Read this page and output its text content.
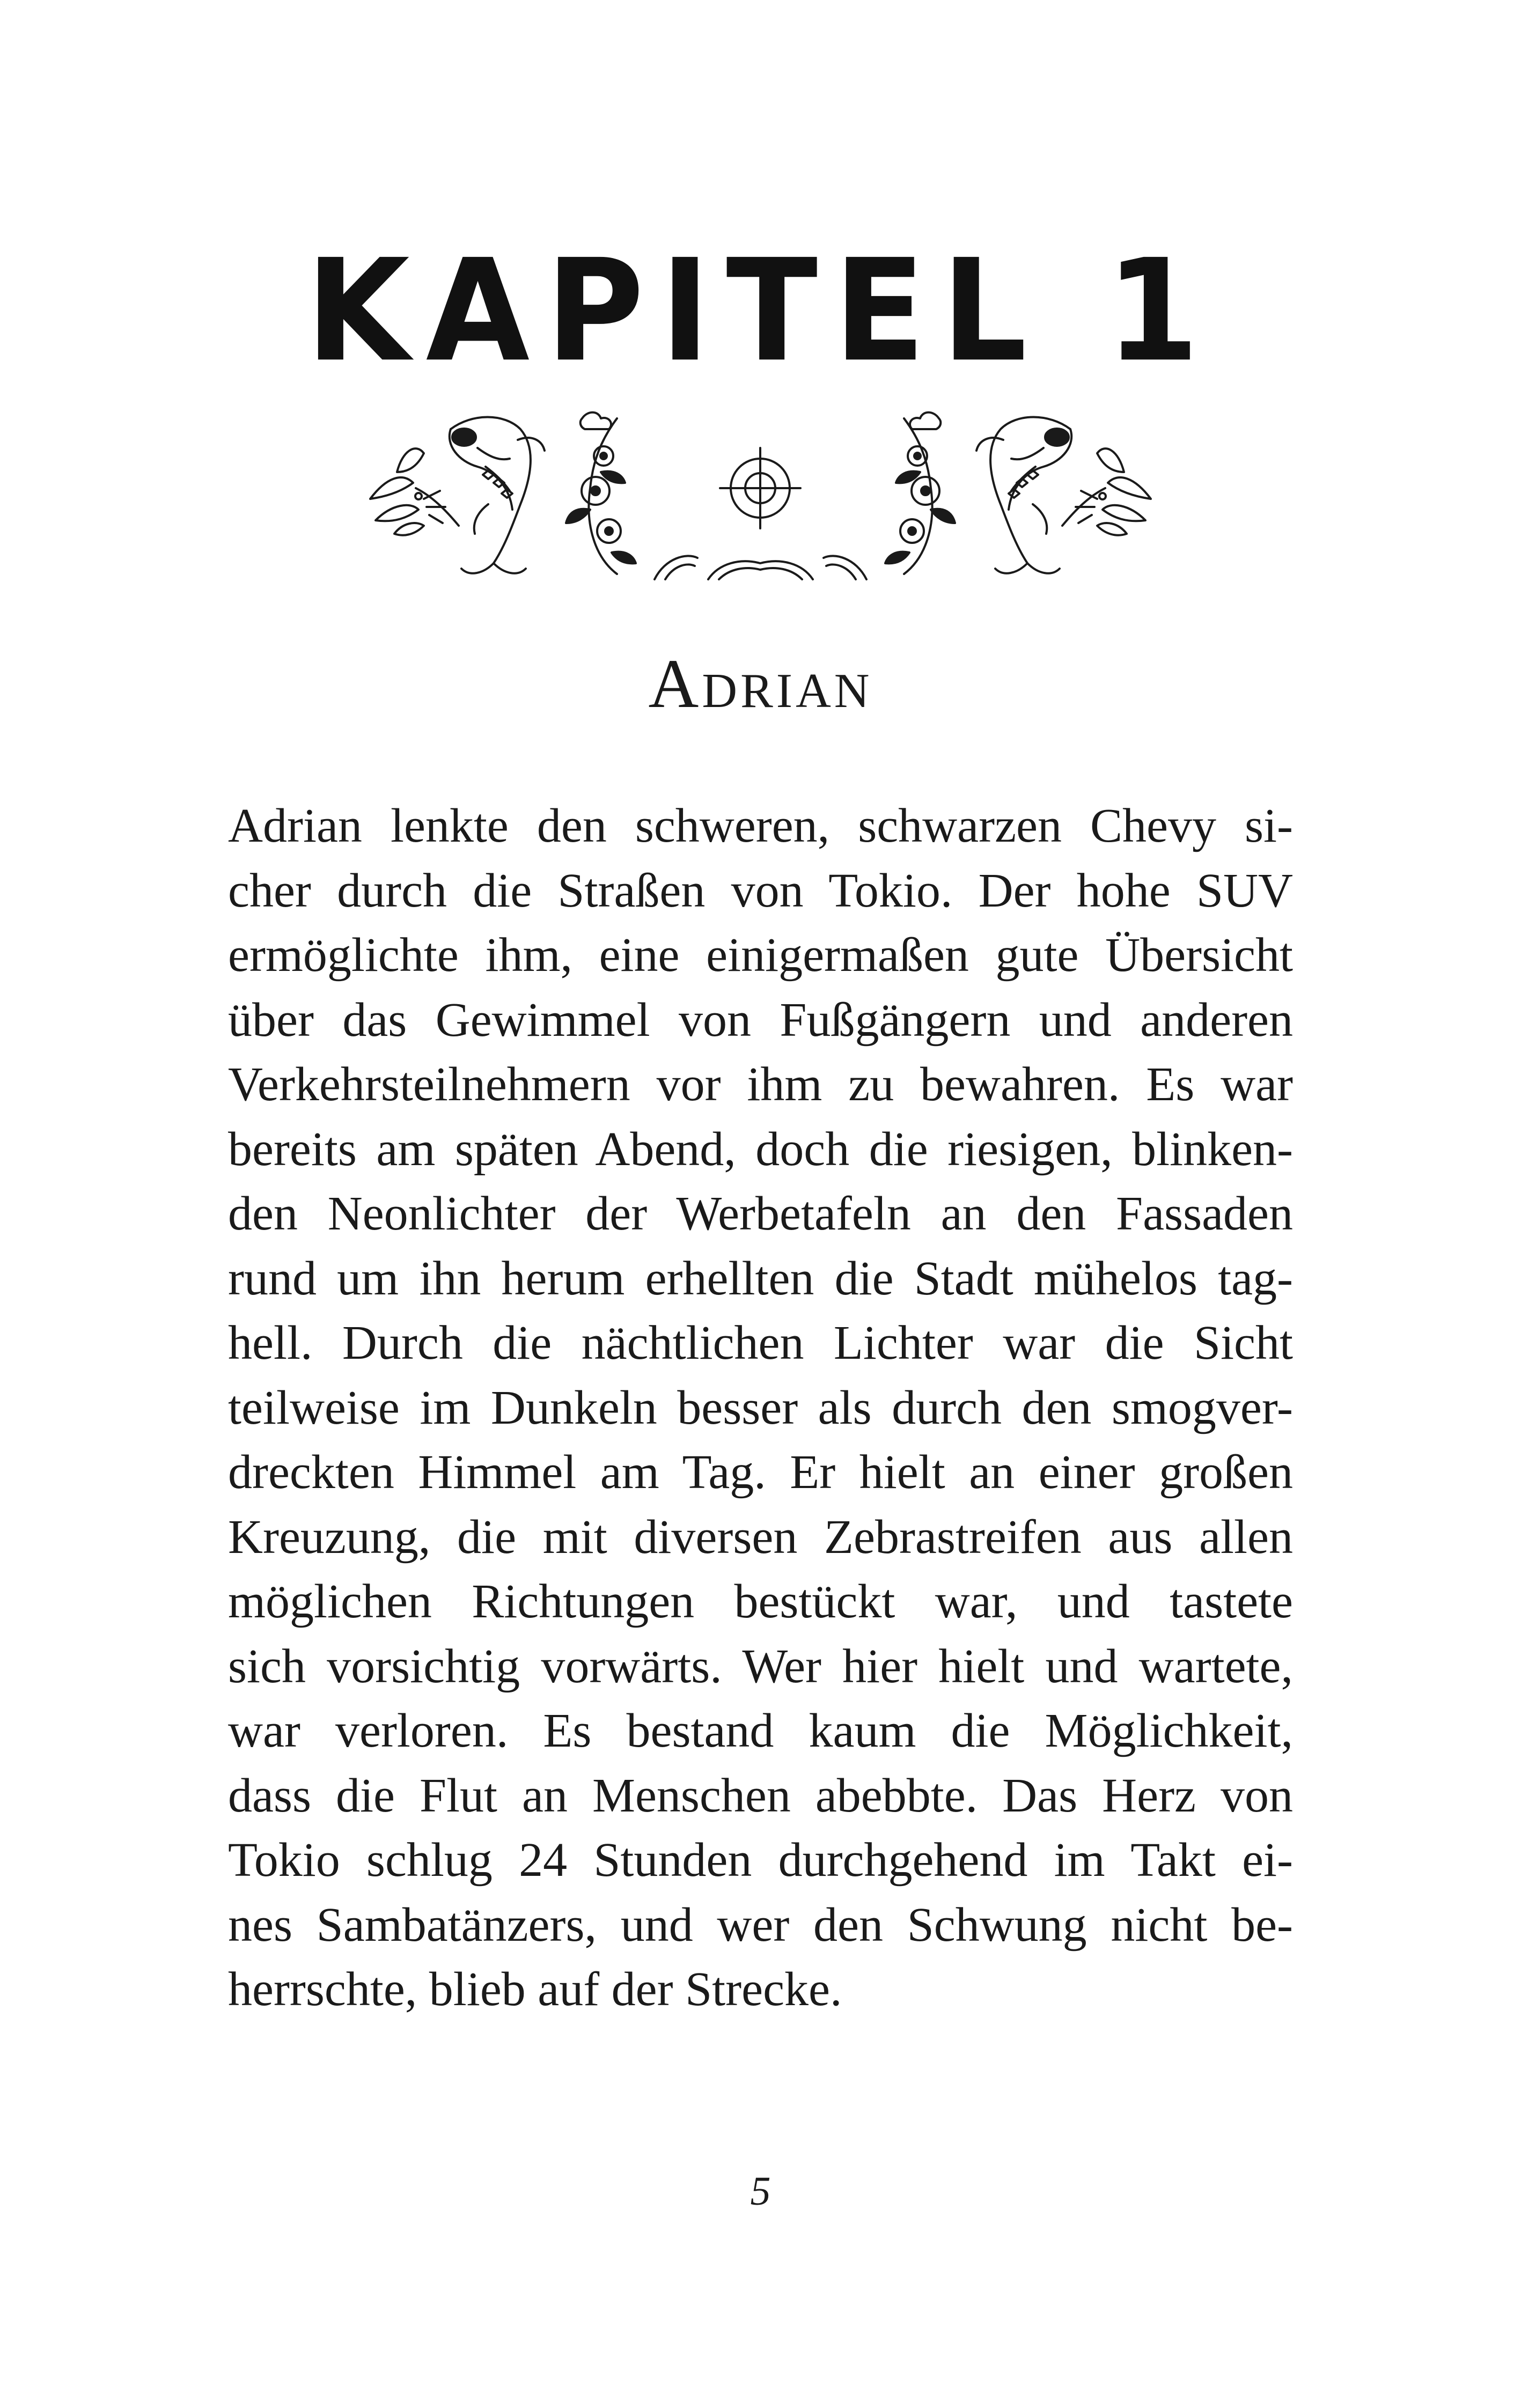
KAPITEL 1
Adrian
Adrian lenkte den schweren, schwarzen Chevy si-
cher durch die Straßen von Tokio. Der hohe SUV
ermöglichte ihm, eine einigermaßen gute Übersicht
über das Gewimmel von Fußgängern und anderen
Verkehrsteilnehmern vor ihm zu bewahren. Es war
bereits am späten Abend, doch die riesigen, blinken-
den Neonlichter der Werbetafeln an den Fassaden
rund um ihn herum erhellten die Stadt mühelos tag-
hell. Durch die nächtlichen Lichter war die Sicht
teilweise im Dunkeln besser als durch den smogver-
dreckten Himmel am Tag. Er hielt an einer großen
Kreuzung, die mit diversen Zebrastreifen aus allen
möglichen Richtungen bestückt war, und tastete
sich vorsichtig vorwärts. Wer hier hielt und wartete,
war verloren. Es bestand kaum die Möglichkeit,
dass die Flut an Menschen abebbte. Das Herz von
Tokio schlug 24 Stunden durchgehend im Takt ei-
nes Sambatänzers, und wer den Schwung nicht be-
herrschte, blieb auf der Strecke.
5
